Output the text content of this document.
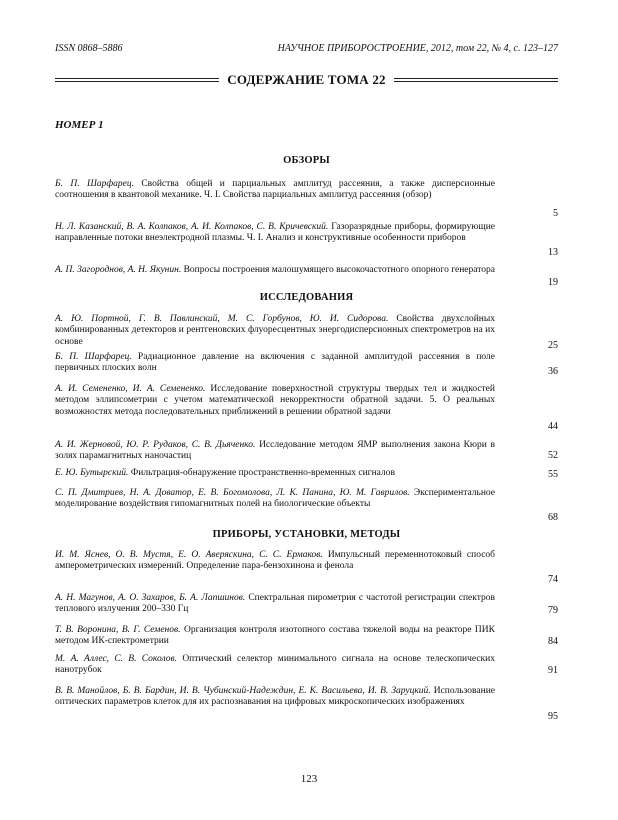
ISSN 0868–5886	НАУЧНОЕ ПРИБОРОСТРОЕНИЕ, 2012, том 22, № 4, с. 123–127
СОДЕРЖАНИЕ ТОМА 22
НОМЕР 1
ОБЗОРЫ
Б. П. Шарфарец. Свойства общей и парциальных амплитуд рассеяния, а также дисперсионные соотношения в квантовой механике. Ч. I. Свойства парциальных амплитуд рассеяния (обзор)
5
Н. Л. Казанский, В. А. Колпаков, А. И. Колпаков, С. В. Кричевский. Газоразрядные приборы, формирующие направленные потоки внеэлектродной плазмы. Ч. I. Анализ и конструктивные особенности приборов
13
А. П. Загороднов, А. Н. Якунин. Вопросы построения малошумящего высокочастотного опорного генератора
19
ИССЛЕДОВАНИЯ
А. Ю. Портной, Г. В. Павлинский, М. С. Горбунов, Ю. И. Сидорова. Свойства двухслойных комбинированных детекторов и рентгеновских флуоресцентных энергодисперсионных спектрометров на их основе	25
Б. П. Шарфарец. Радиационное давление на включения с заданной амплитудой рассеяния в поле первичных плоских волн	36
А. И. Семененко, И. А. Семененко. Исследование поверхностной структуры твердых тел и жидкостей методом эллипсометрии с учетом математической некорректности обратной задачи. 5. О реальных возможностях метода последовательных приближений в решении обратной задачи
44
А. И. Жерновой, Ю. Р. Рудаков, С. В. Дьяченко. Исследование методом ЯМР выполнения закона Кюри в золях парамагнитных наночастиц	52
Е. Ю. Бутырский. Фильтрация-обнаружение пространственно-временных сигналов	55
С. П. Дмитриев, Н. А. Доватор, Е. В. Богомолова, Л. К. Панина, Ю. М. Гаврилов. Экспериментальное моделирование воздействия гипомагнитных полей на биологические объекты
68
ПРИБОРЫ, УСТАНОВКИ, МЕТОДЫ
И. М. Яснев, О. В. Мустя, Е. О. Аверяскина, С. С. Ермаков. Импульсный переменнотоковый способ амперометрических измерений. Определение пара-бензохинона и фенола
74
А. Н. Магунов, А. О. Захаров, Б. А. Лапшинов. Спектральная пирометрия с частотой регистрации спектров теплового излучения 200–330 Гц	79
Т. В. Воронина, В. Г. Семенов. Организация контроля изотопного состава тяжелой воды на реакторе ПИК методом ИК-спектрометрии	84
М. А. Аллес, С. В. Соколов. Оптический селектор минимального сигнала на основе телескопических нанотрубок	91
В. В. Манойлов, Б. В. Бардин, И. В. Чубинский-Надеждин, Е. К. Васильева, И. В. Заруцкий. Использование оптических параметров клеток для их распознавания на цифровых микроскопических изображениях
95
123
